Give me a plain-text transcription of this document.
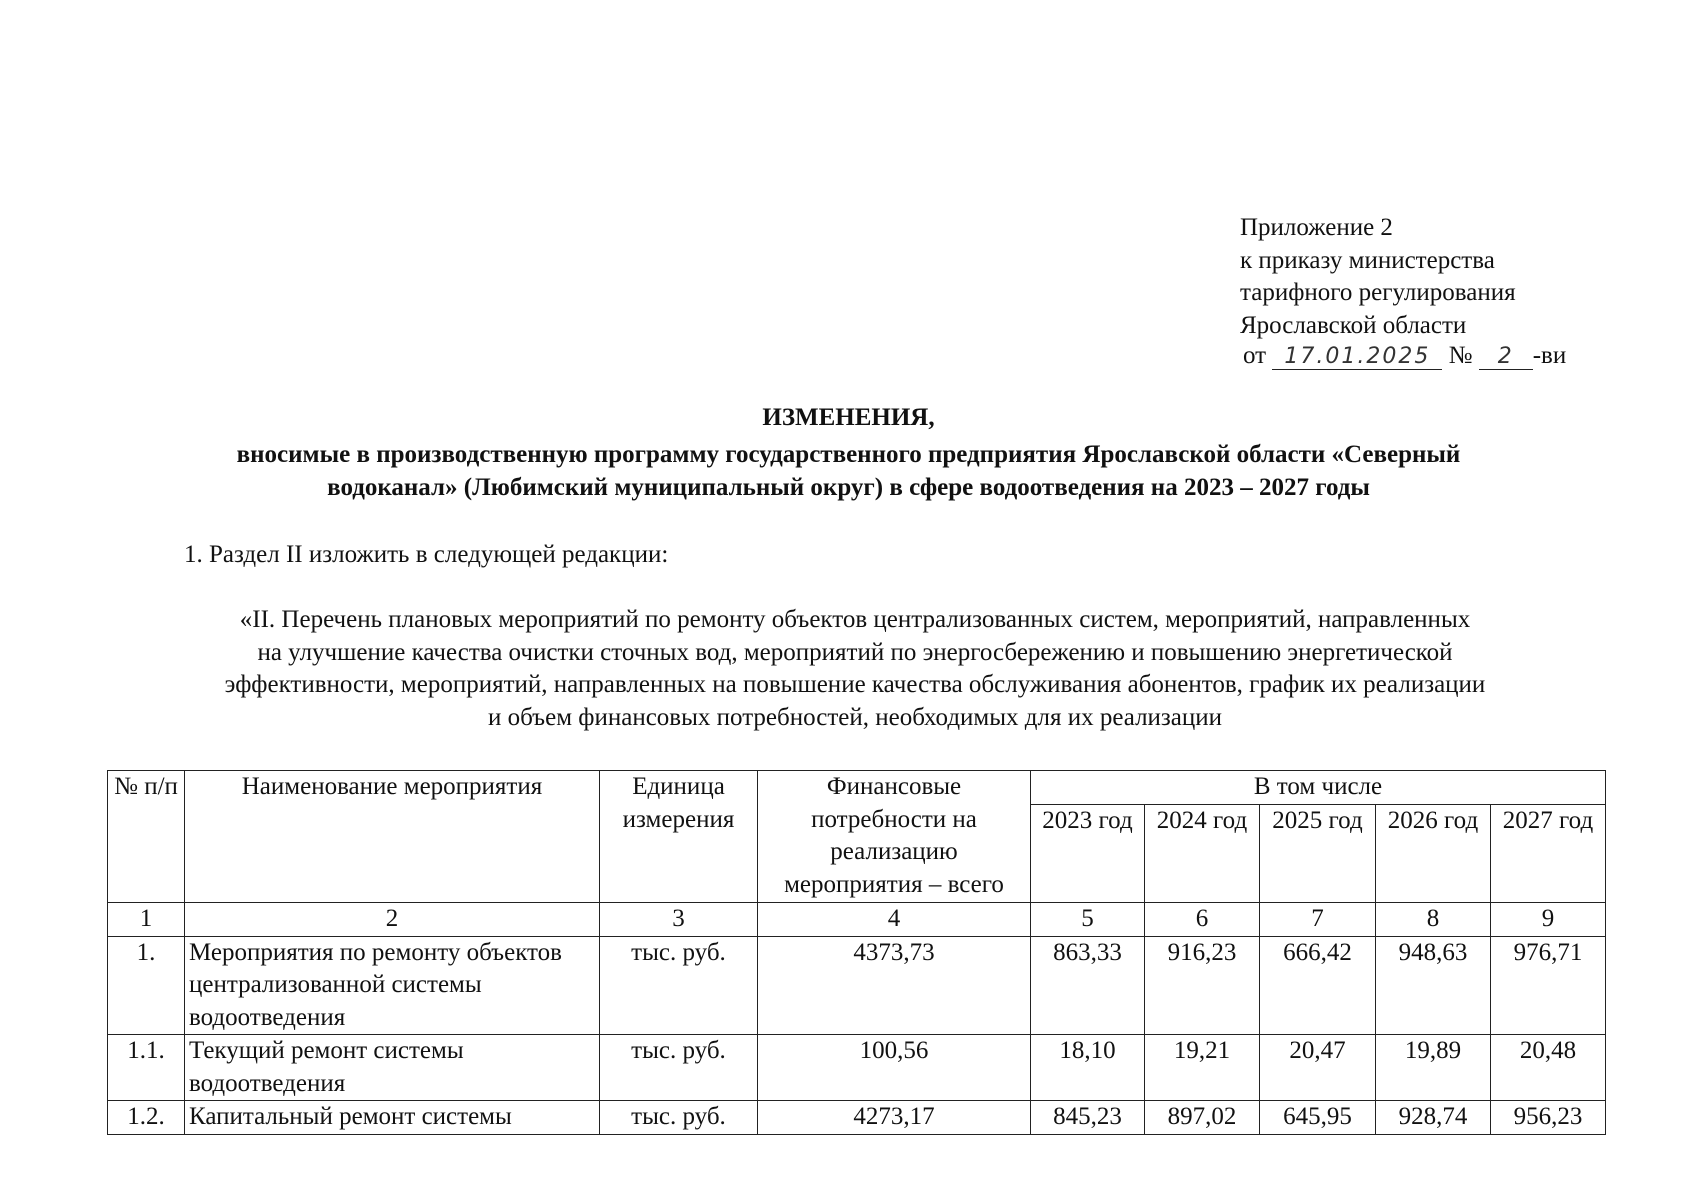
Приложение 2
к приказу министерства
тарифного регулирования
Ярославской области
от 17.01.2025 № 2 -ви
ИЗМЕНЕНИЯ,
вносимые в производственную программу государственного предприятия Ярославской области «Северный
водоканал» (Любимский муниципальный округ) в сфере водоотведения на 2023 – 2027 годы
1. Раздел II изложить в следующей редакции:
«II. Перечень плановых мероприятий по ремонту объектов централизованных систем, мероприятий, направленных
на улучшение качества очистки сточных вод, мероприятий по энергосбережению и повышению энергетической
эффективности, мероприятий, направленных на повышение качества обслуживания абонентов, график их реализации
и объем финансовых потребностей, необходимых для их реализации
№ п/п	Наименование мероприятия	Единица измерения	Финансовые потребности на реализацию мероприятия – всего	В том числе				
				2023 год	2024 год	2025 год	2026 год	2027 год
1	2	3	4	5	6	7	8	9
1.	Мероприятия по ремонту объектов централизованной системы водоотведения	тыс. руб.	4373,73	863,33	916,23	666,42	948,63	976,71
1.1.	Текущий ремонт системы водоотведения	тыс. руб.	100,56	18,10	19,21	20,47	19,89	20,48
1.2.	Капитальный ремонт системы	тыс. руб.	4273,17	845,23	897,02	645,95	928,74	956,23
